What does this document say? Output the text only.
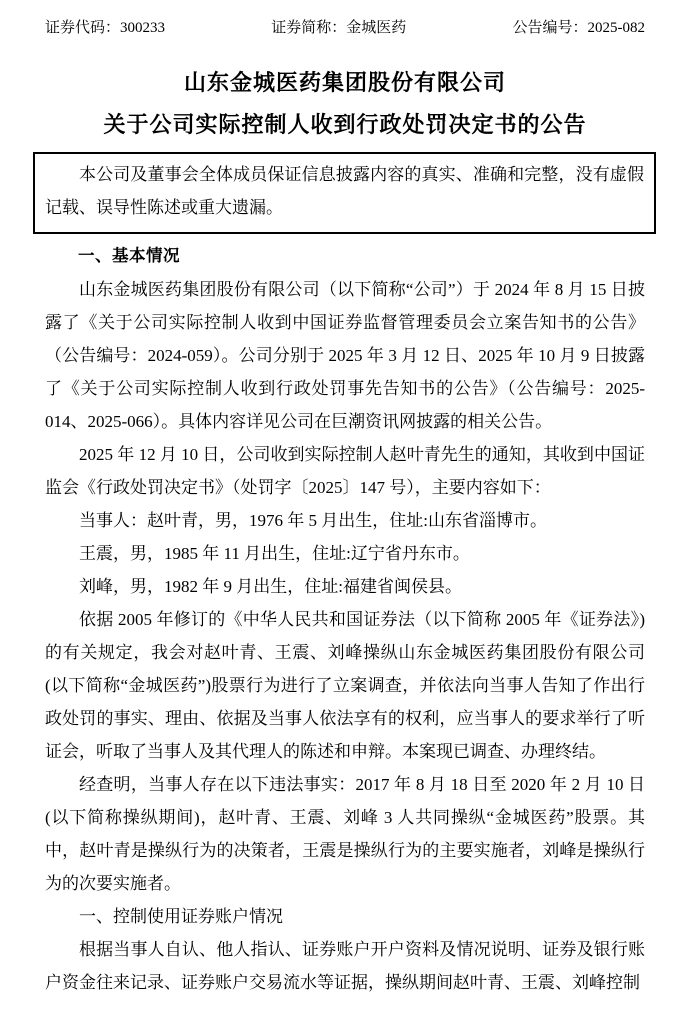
证券代码：300233	证券简称：金城医药	公告编号：2025-082
山东金城医药集团股份有限公司
关于公司实际控制人收到行政处罚决定书的公告

本公司及董事会全体成员保证信息披露内容的真实、准确和完整，没有虚假记载、误导性陈述或重大遗漏。

一、基本情况

山东金城医药集团股份有限公司（以下简称“公司”）于 2024 年 8 月 15 日披露了《关于公司实际控制人收到中国证券监督管理委员会立案告知书的公告》（公告编号：2024-059）。公司分别于 2025 年 3 月 12 日、2025 年 10 月 9 日披露了《关于公司实际控制人收到行政处罚事先告知书的公告》（公告编号：2025-014、2025-066）。具体内容详见公司在巨潮资讯网披露的相关公告。

2025 年 12 月 10 日，公司收到实际控制人赵叶青先生的通知，其收到中国证监会《行政处罚决定书》（处罚字〔2025〕147 号），主要内容如下：

当事人：赵叶青，男，1976 年 5 月出生，住址:山东省淄博市。

王震，男，1985 年 11 月出生，住址:辽宁省丹东市。

刘峰，男，1982 年 9 月出生，住址:福建省闽侯县。

依据 2005 年修订的《中华人民共和国证券法（以下简称 2005 年《证券法》)的有关规定，我会对赵叶青、王震、刘峰操纵山东金城医药集团股份有限公司(以下简称“金城医药”)股票行为进行了立案调查，并依法向当事人告知了作出行政处罚的事实、理由、依据及当事人依法享有的权利，应当事人的要求举行了听证会，听取了当事人及其代理人的陈述和申辩。本案现已调查、办理终结。

经查明，当事人存在以下违法事实：2017 年 8 月 18 日至 2020 年 2 月 10 日(以下简称操纵期间)，赵叶青、王震、刘峰 3 人共同操纵“金城医药”股票。其中，赵叶青是操纵行为的决策者，王震是操纵行为的主要实施者，刘峰是操纵行为的次要实施者。

一、控制使用证券账户情况

根据当事人自认、他人指认、证券账户开户资料及情况说明、证券及银行账户资金往来记录、证券账户交易流水等证据，操纵期间赵叶青、王震、刘峰控制
